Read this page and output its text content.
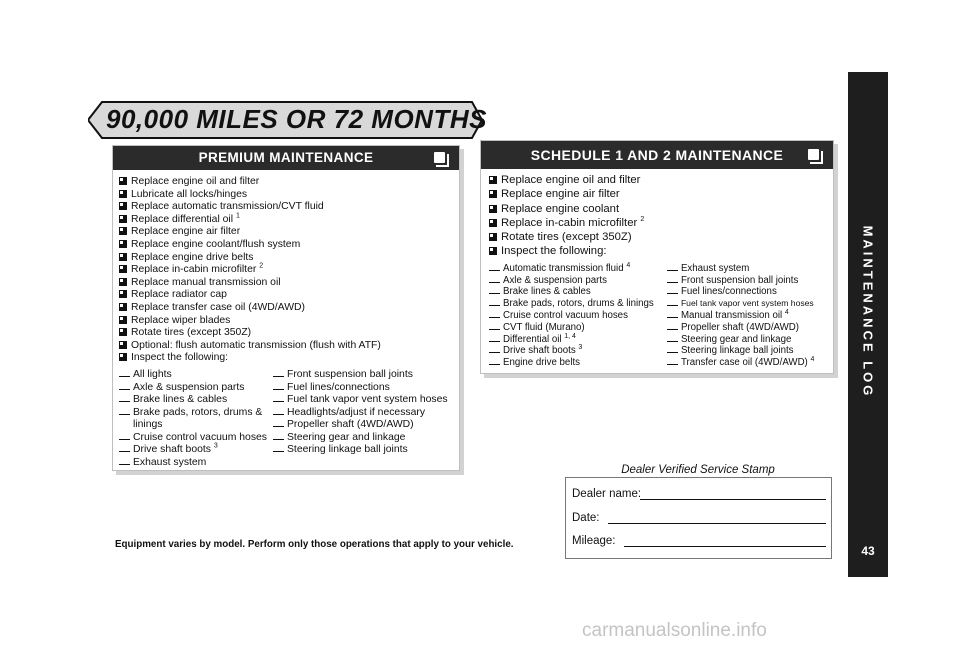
90,000 MILES OR 72 MONTHS
PREMIUM MAINTENANCE
Replace engine oil and filter
Lubricate all locks/hinges
Replace automatic transmission/CVT fluid
Replace differential oil $^1$
Replace engine air filter
Replace engine coolant/flush system
Replace engine drive belts
Replace in-cabin microfilter $^2$
Replace manual transmission oil
Replace radiator cap
Replace transfer case oil (4WD/AWD)
Replace wiper blades
Rotate tires (except 350Z)
Optional: flush automatic transmission (flush with ATF)
Inspect the following:
All lights
Axle & suspension parts
Brake lines & cables
Brake pads, rotors, drums &
linings
Cruise control vacuum hoses
Drive shaft boots $^3$
Exhaust system
Front suspension ball joints
Fuel lines/connections
Fuel tank vapor vent system hoses
Headlights/adjust if necessary
Propeller shaft (4WD/AWD)
Steering gear and linkage
Steering linkage ball joints
SCHEDULE 1 AND 2 MAINTENANCE
Replace engine oil and filter
Replace engine air filter
Replace engine coolant
Replace in-cabin microfilter $^2$
Rotate tires (except 350Z)
Inspect the following:
Automatic transmission fluid $^4$
Axle & suspension parts
Brake lines & cables
Brake pads, rotors, drums & linings
Cruise control vacuum hoses
CVT fluid (Murano)
Differential oil $^{1, 4}$
Drive shaft boots $^3$
Engine drive belts
Exhaust system
Front suspension ball joints
Fuel lines/connections
Fuel tank vapor vent system hoses
Manual transmission oil $^4$
Propeller shaft (4WD/AWD)
Steering gear and linkage
Steering linkage ball joints
Transfer case oil (4WD/AWD) $^4$
Dealer Verified Service Stamp
Dealer name:
Date:
Mileage:
Equipment varies by model. Perform only those operations that apply to your vehicle.
MAINTENANCE LOG
43
carmanualsonline.info
